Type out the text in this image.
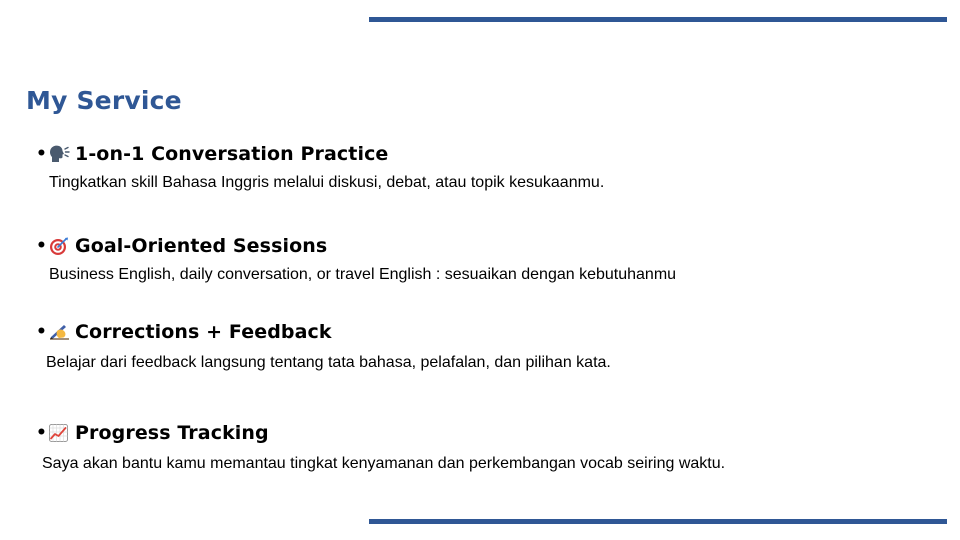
My Service
• 1-on-1 Conversation Practice
Tingkatkan skill Bahasa Inggris melalui diskusi, debat, atau topik kesukaanmu.
• Goal-Oriented Sessions
Business English, daily conversation, or travel English : sesuaikan dengan kebutuhanmu
• Corrections + Feedback
Belajar dari feedback langsung tentang tata bahasa, pelafalan, dan pilihan kata.
• Progress Tracking
Saya akan bantu kamu memantau tingkat kenyamanan dan perkembangan vocab seiring waktu.
